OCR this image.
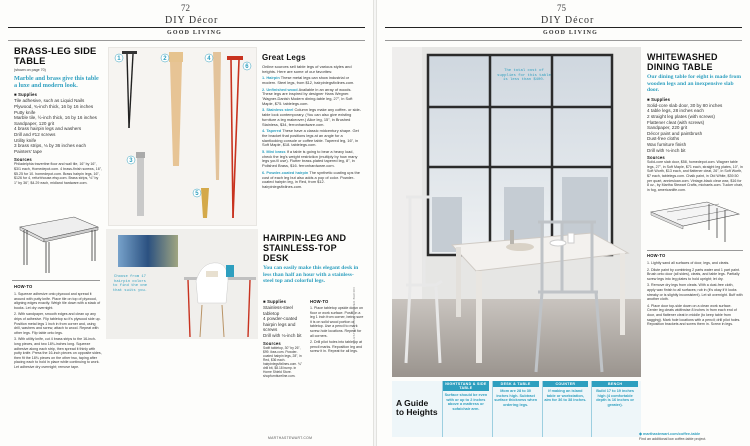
72
DIY Décor
GOOD LIVING
BRASS-LEG SIDE TABLE
(shown on page 70)
Marble and brass give this table a luxe and modern look.
■ Supplies
Tile adhesive, such as Liquid Nails
Plywood, ¾-inch thick, 16 by 16 inches
Putty knife
Marble tile, ½-inch thick, 16 by 16 inches
Sandpaper, 120 grit
4 brass hairpin legs and washers
Drill and #12 screws
Utility knife
3 brass strips, ⅛ by 36 inches each
Painters' tape
Sources
Philadelphia travertine floor and wall tile, 16" by 16", $3/1 each, Homedepot.com. 4 brass-finish screws, 16", $5.25 for 10. homedepot.com. Brass hairpin legs, 16", $126 for 4, refurbhouse.etsy.com. Brass strips, ⅛" by 1" by 36", $4.29 each, midland hardware.com.
HOW-TO
1. Squeeze adhesive onto plywood and spread it around with putty knife. Place tile on top of plywood, aligning edges exactly. Weigh tile down with a stack of books. Let dry overnight.
2. With sandpaper, smooth edges and clean up any drips of adhesive. Flip tabletop so it's plywood side up. Position metal legs 1 inch in from corner and, using drill, washers and screw, attach to wood. Repeat with other legs. Flip table onto legs.
3. With utility knife, cut 4 brass strips to the 16-inch-long pieces, and two 18¾-inches long. Squeeze adhesive along each strip, then spread it thinly with putty knife. Press the 16-inch pieces on opposite sides, then fit the 18¾ pieces on the other two, taping after placing each to hold in place while continuing to work. Let adhesive dry overnight; remove tape.
1	2
3
4
5
6
Great Legs
Online sources sell table legs of various styles and heights. Here are some of our favorites:
1. Hairpin These metal legs can show industrial or modern. Steel legs, from $12, hairpinlegsfixlines.com.
2. Unfinished wood Available in an array of woods. These legs are inspired by designer Hans Wegner. 'Wagner-Danish Modern dining-table leg, 27", in Soft Maple, $75. tablelegs.com.
3. Stainless steel Column legs make any coffee- or side-table look contemporary. (You can also give existing furniture a leg makeover.) Alice leg, 15", in Brushed Stainless, $34, ferronhardware.com.
4. Tapered These have a classic midcentury shape. Get the bracket that positions legs at an angle for a slantlooking console or coffee table. Tapered leg, 16", in Soft Maple, $18. tablelegs.com.
5. Mini brass If a table is going to bear a heavy load, check the leg's weight restriction (multiply by how many legs you'll use). Flutter brass-plated tapered leg, 8", in Polished Brass, $16. ferronhardware.com.
6. Powder-coated hairpin The synthetic coating ups the cost of each leg but also adds a pop of color. Powder-coated hairpin leg, in Red, from $12. hairpinlegsfixlines.com.
Choose from 17 hairpin colors to find the one that suits you.
HAIRPIN-LEG AND STAINLESS-TOP DESK
You can easily make this elegant desk in less than half an hour with a stainless-steel top and colorful legs.
■ Supplies
Stainless-steel tabletop
4 powder-coated hairpin legs and screws
Drill with ⅛-inch bit
Sources
Swift tabletop, 30" by 26", $99. ikea.com. Powder-coated hairpin legs, 28", in Red, $36 each. hairpinlegsfixlines.com. ¾" drill bit, $8.18 bump. in Home Shield Store. shopfurnitureline.com.
HOW-TO
1. Place tabletop upside down on floor or work surface. Position a leg 1 inch from corner, being sure it is on solid wood portion of tabletop. Use a pencil to mark screw-hole locations. Repeat for all corners.
2. Drill pilot holes into tabletop at pencil marks. Reposition leg and screw it in. Repeat for all legs.
ILLUSTRATION BY DEREK BACON
MARTHASTEWART.COM
75
DIY Décor
GOOD LIVING
The total cost of supplies for this table is less than $400.
WHITEWASHED DINING TABLE
Our dining table for eight is made from wooden legs and an inexpensive slab door.
■ Supplies
Solid-core slab door, 30 by 80 inches
4 table legs, 28 inches each
2 straight leg plates (with screws)
Flattener cleat (with screws)
Sandpaper, 220 grit
Décor paint and paintbrush
Dust-free cloths
Wax furniture finish
Drill with ⅛-inch bit
Sources
Solid-core slab door, $58, homedepot.com. Wagner table legs, 27", in Soft Maple, $71 each, straight leg plates, 10", in Soft Worth, $13 each, and flattener cleat, 26", in Soft Worth, $7 each, tablelegs.com. Chalk paint, in Old White, $39.50 per quart, anniesloan.com. Vintage-black clear wax, $16 for 8 oz., by Martha Stewart Crafts, michaels.com. Tucker chair, in fog, americanlife.com.
HOW-TO
1. Lightly sand all surfaces of door, legs, and cleats.
2. Dilute paint by combining 2 parts water and 1 part paint. Brush onto door (all sides), cleats, and table legs. Partially screw legs into leg plates to hold upright; let dry.
3. Remove dry legs from cleats. With a dust-free cloth, apply wax finish to all surfaces; rub in (it's okay if it looks streaky or is slightly inconsistent). Let sit overnight. Buff with another cloth.
4. Place door top-side down on a clean work surface. Center leg cleats widthwise 8 inches in from each end of door, and flattener cleat in middle (to keep table from sagging). Mark hole locations with a pencil; drill pilot holes. Reposition brackets and screw them in. Screw in legs.
A Guide to Heights
NIGHTSTAND & SIDE TABLE
Surface should be even with or up to 2 inches above a mattress or sofa/chair arm.
DESK & TABLE
Mom are 28 to 30 inches high. Subtract surface thickness when ordering legs.
COUNTER
If making an island table or workstation, aim for 36 to 38 inches.
BENCH
Build 17 to 19 inches high (4 comfortable depth is 16 inches or greater).
◆ marthastewart.com/coffee-table
Find an additional low coffee-table project.
